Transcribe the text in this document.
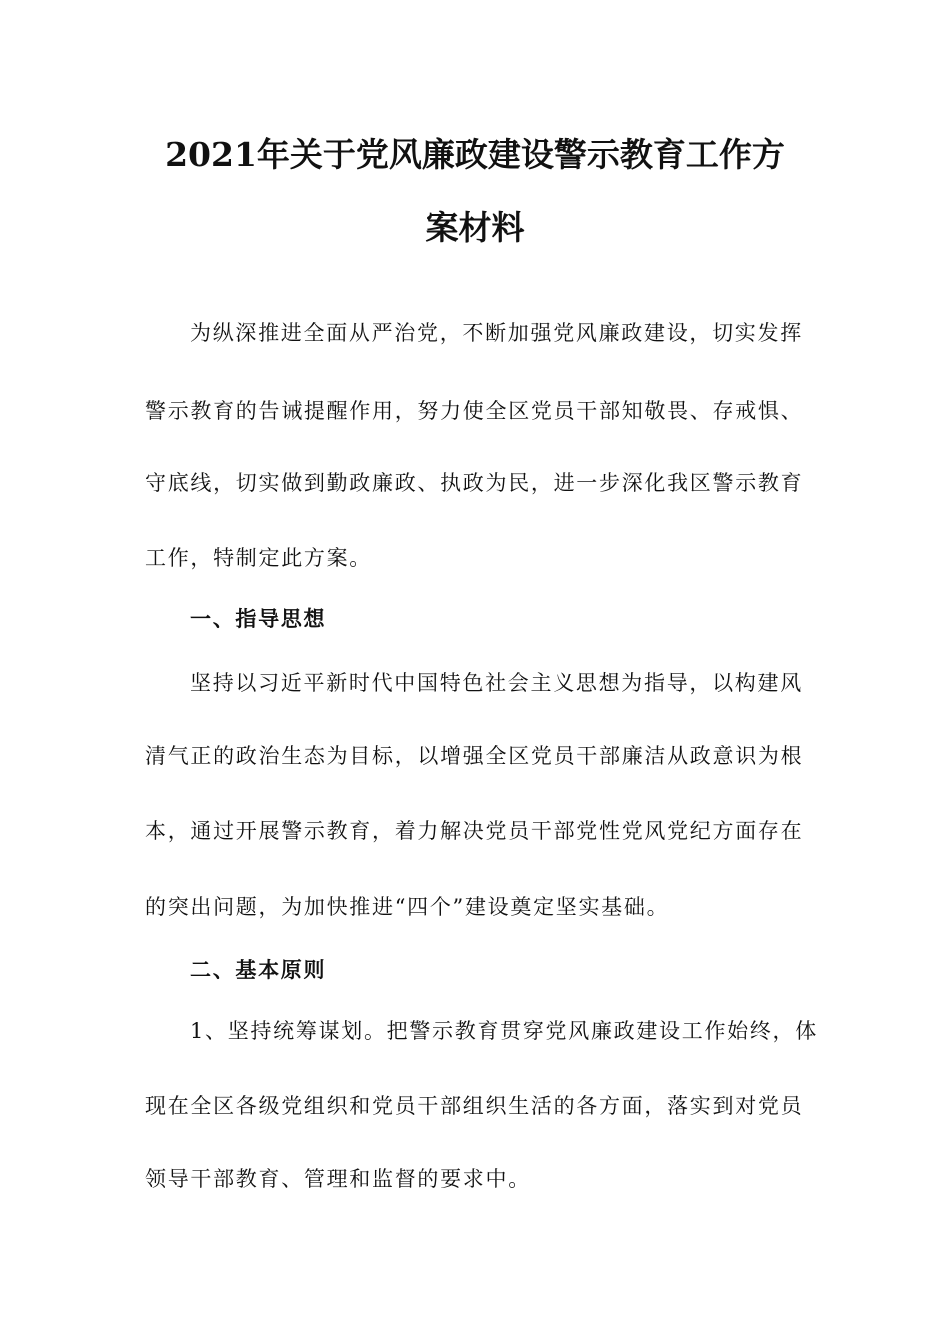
2021年关于党风廉政建设警示教育工作方
案材料
为纵深推进全面从严治党，不断加强党风廉政建设，切实发挥
警示教育的告诫提醒作用，努力使全区党员干部知敬畏、存戒惧、
守底线，切实做到勤政廉政、执政为民，进一步深化我区警示教育
工作，特制定此方案。
一、指导思想
坚持以习近平新时代中国特色社会主义思想为指导，以构建风
清气正的政治生态为目标，以增强全区党员干部廉洁从政意识为根
本，通过开展警示教育，着力解决党员干部党性党风党纪方面存在
的突出问题，为加快推进“四个”建设奠定坚实基础。
二、基本原则
1、坚持统筹谋划。把警示教育贯穿党风廉政建设工作始终，体
现在全区各级党组织和党员干部组织生活的各方面，落实到对党员
领导干部教育、管理和监督的要求中。
